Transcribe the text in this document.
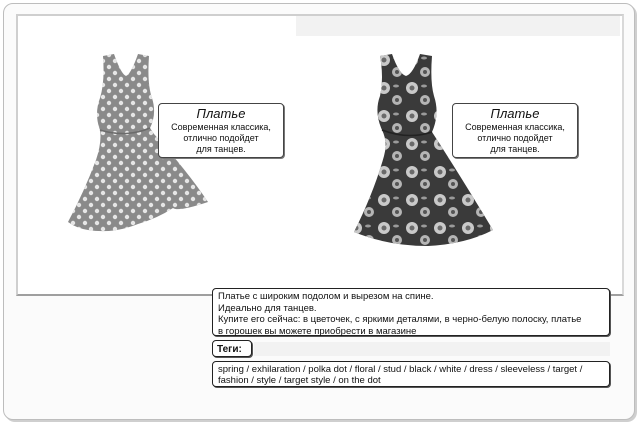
Платье
Современная классика,
отлично подойдет
для танцев.
Платье
Современная классика,
отлично подойдет
для танцев.
Платье с широким подолом и вырезом на спине.
Идеально для танцев.
Купите его сейчас: в цветочек, с яркими деталями, в черно-белую полоску, платье
в горошек вы можете приобрести в магазине
Теги:
spring / exhilaration / polka dot / floral / stud / black / white / dress / sleeveless / target /
fashion / style / target style / on the dot
